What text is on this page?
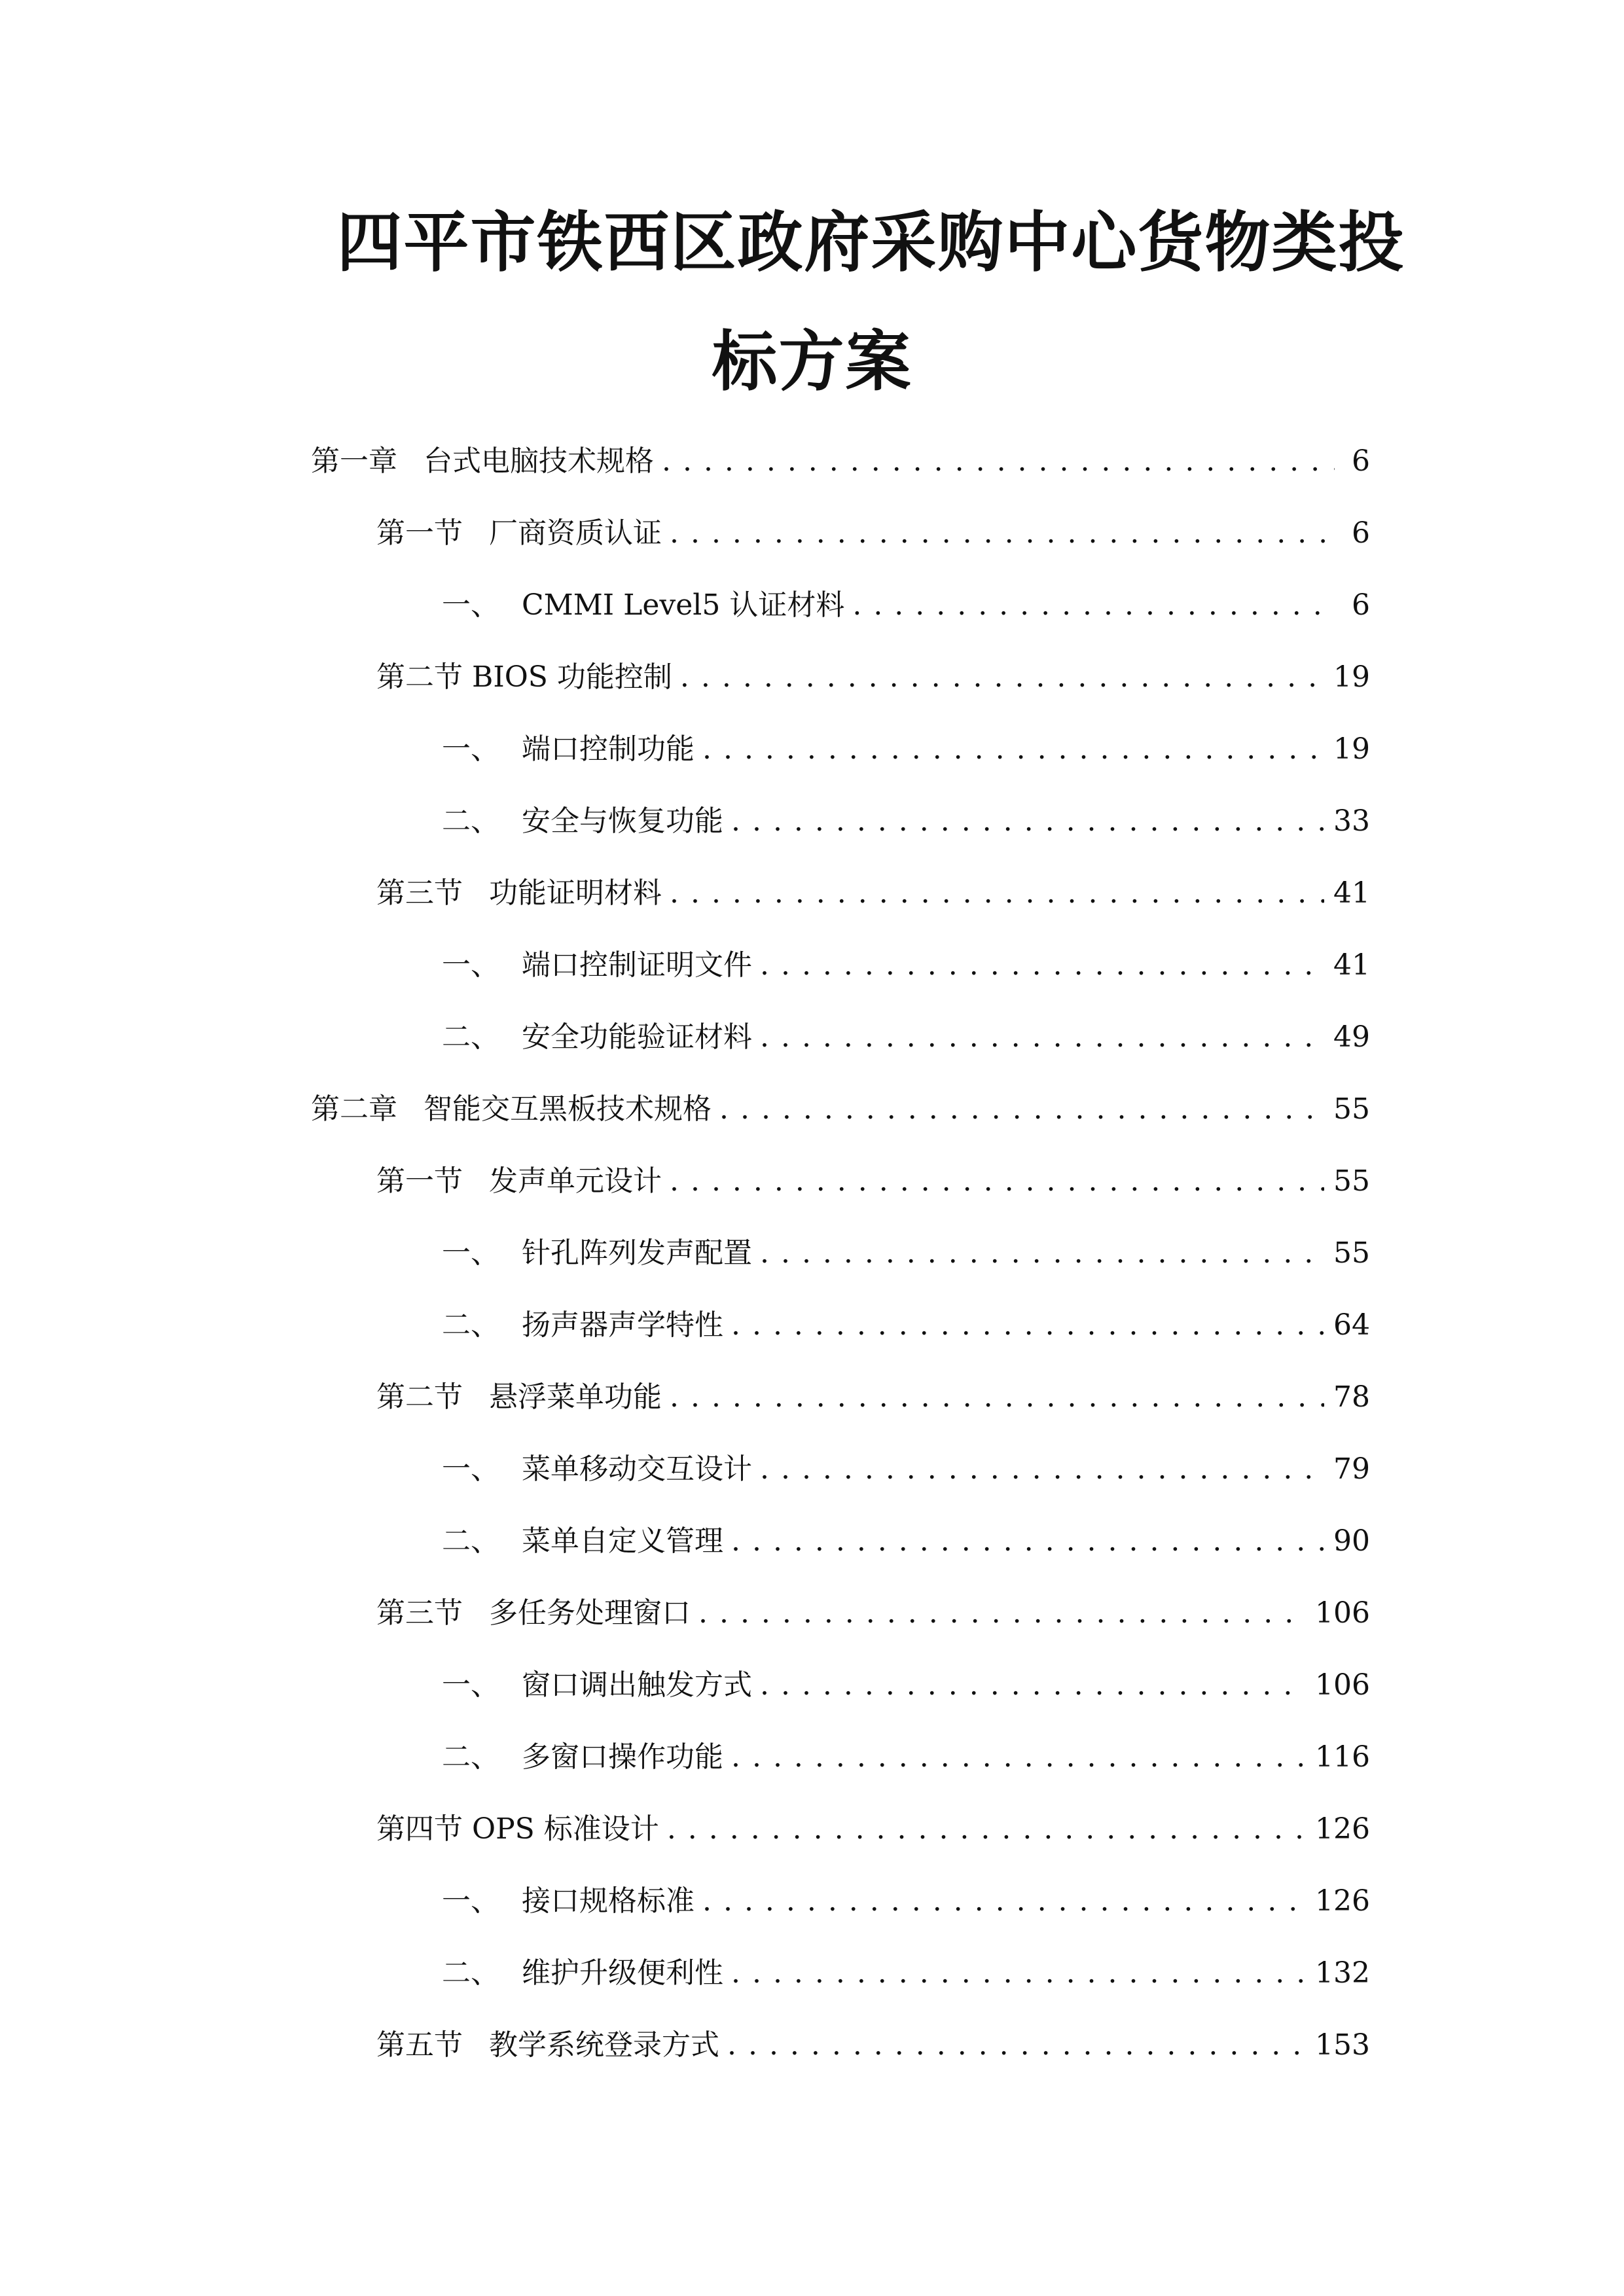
四平市铁西区政府采购中心货物类投
标方案
第一章 台式电脑技术规格 . . .	6
第一节 厂商资质认证 . . .	6
一、 CMMI Level5 认证材料 . . .	6
第二节 BIOS 功能控制 . . .	19
一、 端口控制功能 . . .	19
二、 安全与恢复功能 . . .	33
第三节 功能证明材料 . . .	41
一、 端口控制证明文件 . . .	41
二、 安全功能验证材料 . . .	49
第二章 智能交互黑板技术规格 . . .	55
第一节 发声单元设计 . . .	55
一、 针孔阵列发声配置 . . .	55
二、 扬声器声学特性 . . .	64
第二节 悬浮菜单功能 . . .	78
一、 菜单移动交互设计 . . .	79
二、 菜单自定义管理 . . .	90
第三节 多任务处理窗口 . . .	106
一、 窗口调出触发方式 . . .	106
二、 多窗口操作功能 . . .	116
第四节 OPS 标准设计 . . .	126
一、 接口规格标准 . . .	126
二、 维护升级便利性 . . .	132
第五节 教学系统登录方式 . . .	153
